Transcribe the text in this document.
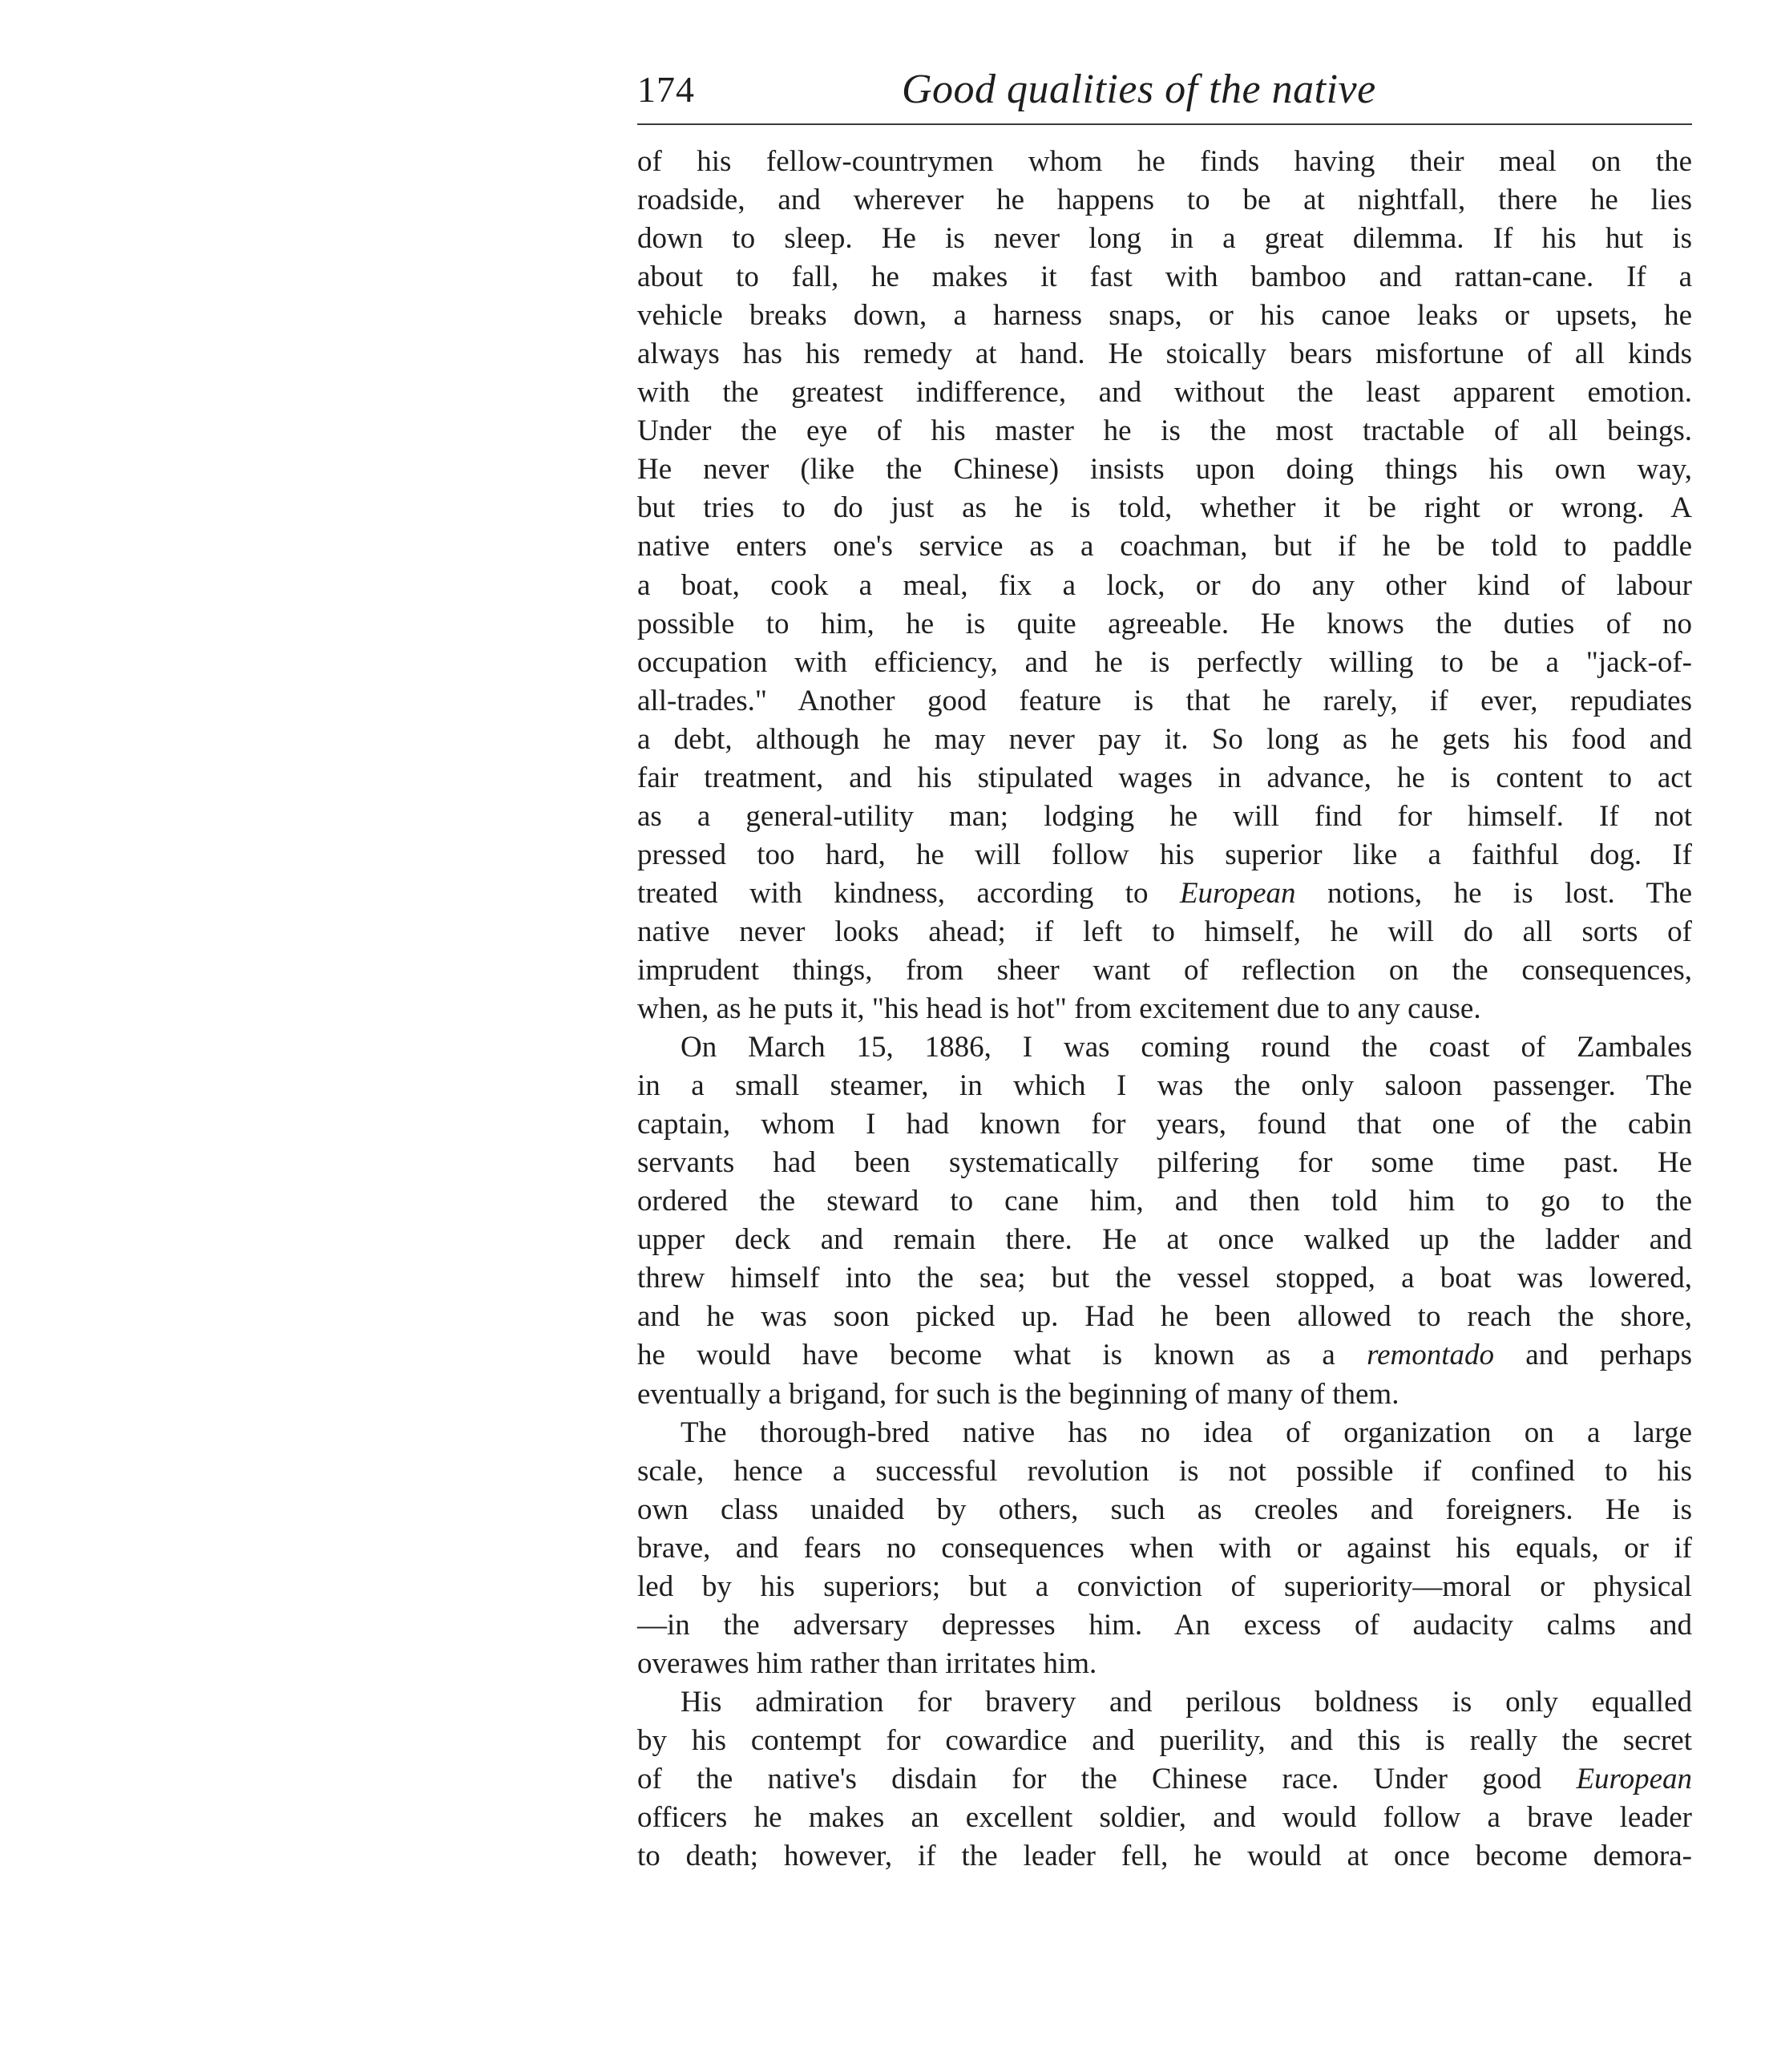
174	Good qualities of the native
of his fellow-countrymen whom he finds having their meal on the
roadside, and wherever he happens to be at nightfall, there he lies
down to sleep. He is never long in a great dilemma. If his hut is
about to fall, he makes it fast with bamboo and rattan-cane. If a
vehicle breaks down, a harness snaps, or his canoe leaks or upsets, he
always has his remedy at hand. He stoically bears misfortune of all kinds
with the greatest indifference, and without the least apparent emotion.
Under the eye of his master he is the most tractable of all beings.
He never (like the Chinese) insists upon doing things his own way,
but tries to do just as he is told, whether it be right or wrong. A
native enters one's service as a coachman, but if he be told to paddle
a boat, cook a meal, fix a lock, or do any other kind of labour
possible to him, he is quite agreeable. He knows the duties of no
occupation with efficiency, and he is perfectly willing to be a "jack-of-
all-trades." Another good feature is that he rarely, if ever, repudiates
a debt, although he may never pay it. So long as he gets his food and
fair treatment, and his stipulated wages in advance, he is content to act
as a general-utility man; lodging he will find for himself. If not
pressed too hard, he will follow his superior like a faithful dog. If
treated with kindness, according to European notions, he is lost. The
native never looks ahead; if left to himself, he will do all sorts of
imprudent things, from sheer want of reflection on the consequences,
when, as he puts it, "his head is hot" from excitement due to any cause.
On March 15, 1886, I was coming round the coast of Zambales
in a small steamer, in which I was the only saloon passenger. The
captain, whom I had known for years, found that one of the cabin
servants had been systematically pilfering for some time past. He
ordered the steward to cane him, and then told him to go to the
upper deck and remain there. He at once walked up the ladder and
threw himself into the sea; but the vessel stopped, a boat was lowered,
and he was soon picked up. Had he been allowed to reach the shore,
he would have become what is known as a remontado and perhaps
eventually a brigand, for such is the beginning of many of them.
The thorough-bred native has no idea of organization on a large
scale, hence a successful revolution is not possible if confined to his
own class unaided by others, such as creoles and foreigners. He is
brave, and fears no consequences when with or against his equals, or if
led by his superiors; but a conviction of superiority—moral or physical
—in the adversary depresses him. An excess of audacity calms and
overawes him rather than irritates him.
His admiration for bravery and perilous boldness is only equalled
by his contempt for cowardice and puerility, and this is really the secret
of the native's disdain for the Chinese race. Under good European
officers he makes an excellent soldier, and would follow a brave leader
to death; however, if the leader fell, he would at once become demora-
